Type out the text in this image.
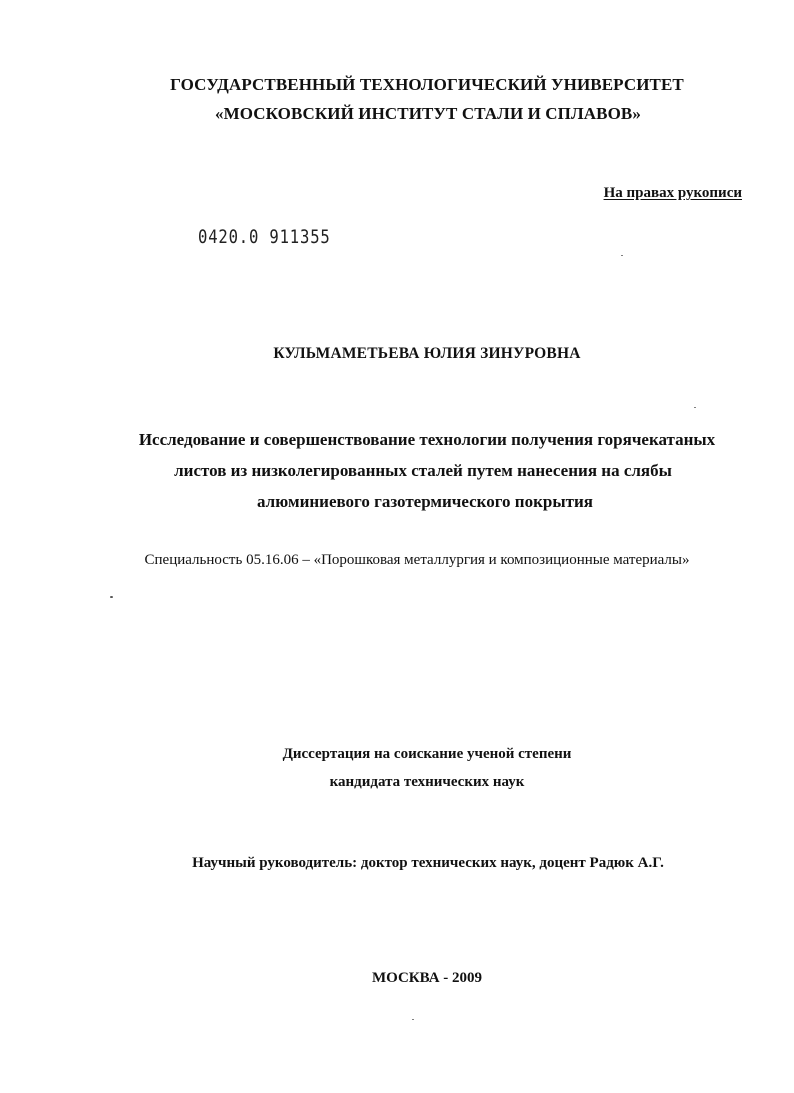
ГОСУДАРСТВЕННЫЙ ТЕХНОЛОГИЧЕСКИЙ УНИВЕРСИТЕТ
«МОСКОВСКИЙ ИНСТИТУТ СТАЛИ И СПЛАВОВ»
На правах рукописи
0420.0 911355
КУЛЬМАМЕТЬЕВА ЮЛИЯ ЗИНУРОВНА
Исследование и совершенствование технологии получения горячекатаных
листов из низколегированных сталей путем нанесения на слябы
алюминиевого газотермического покрытия
Специальность 05.16.06 – «Порошковая металлургия и композиционные материалы»
Диссертация на соискание ученой степени
кандидата технических наук
Научный руководитель: доктор технических наук, доцент Радюк А.Г.
МОСКВА - 2009
